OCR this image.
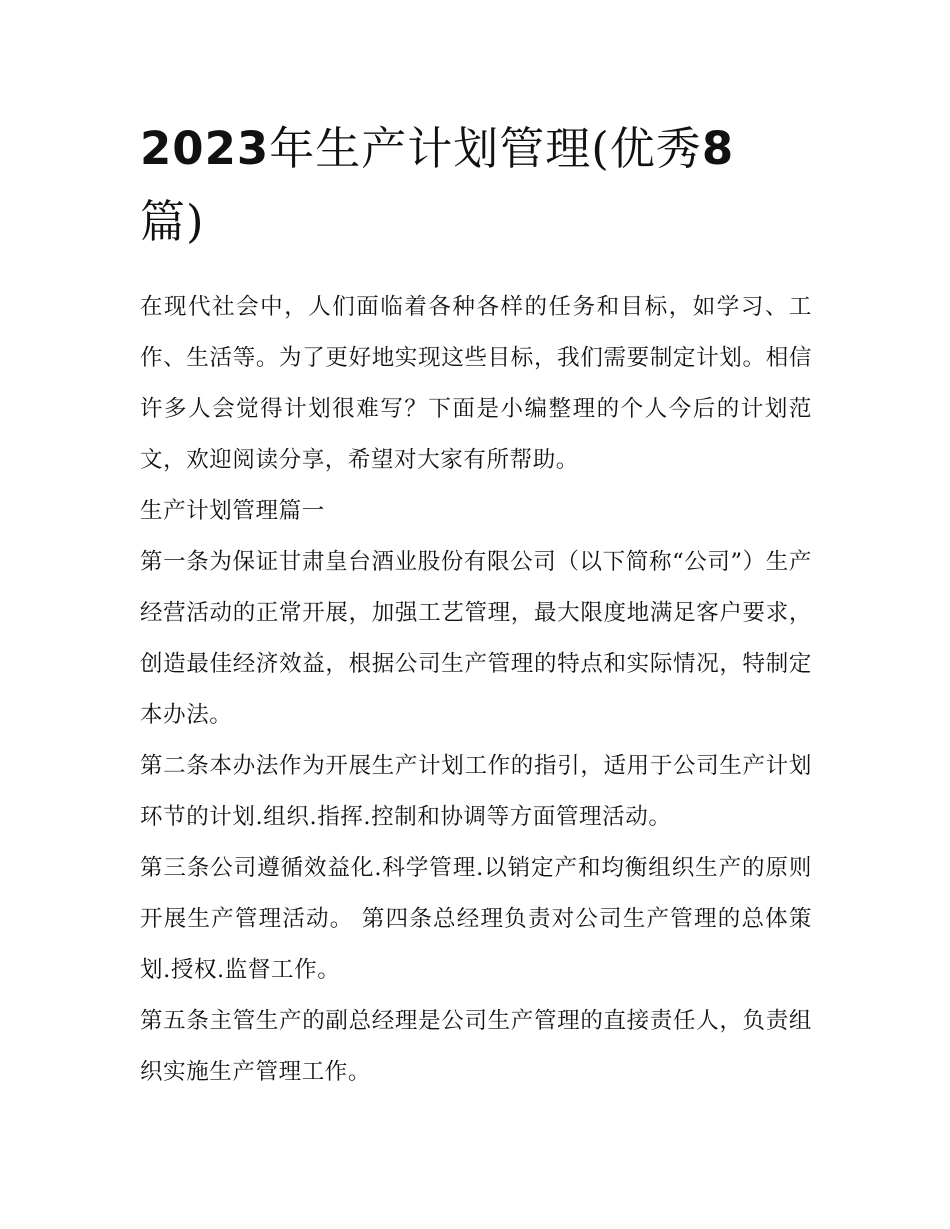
2023年生产计划管理(优秀8
篇)

在现代社会中，人们面临着各种各样的任务和目标，如学习、工作、生活等。为了更好地实现这些目标，我们需要制定计划。相信许多人会觉得计划很难写？下面是小编整理的个人今后的计划范文，欢迎阅读分享，希望对大家有所帮助。

生产计划管理篇一

第一条为保证甘肃皇台酒业股份有限公司（以下简称“公司”）生产经营活动的正常开展，加强工艺管理，最大限度地满足客户要求，创造最佳经济效益，根据公司生产管理的特点和实际情况，特制定本办法。

第二条本办法作为开展生产计划工作的指引，适用于公司生产计划环节的计划.组织.指挥.控制和协调等方面管理活动。

第三条公司遵循效益化.科学管理.以销定产和均衡组织生产的原则开展生产管理活动。 第四条总经理负责对公司生产管理的总体策划.授权.监督工作。

第五条主管生产的副总经理是公司生产管理的直接责任人，负责组织实施生产管理工作。
